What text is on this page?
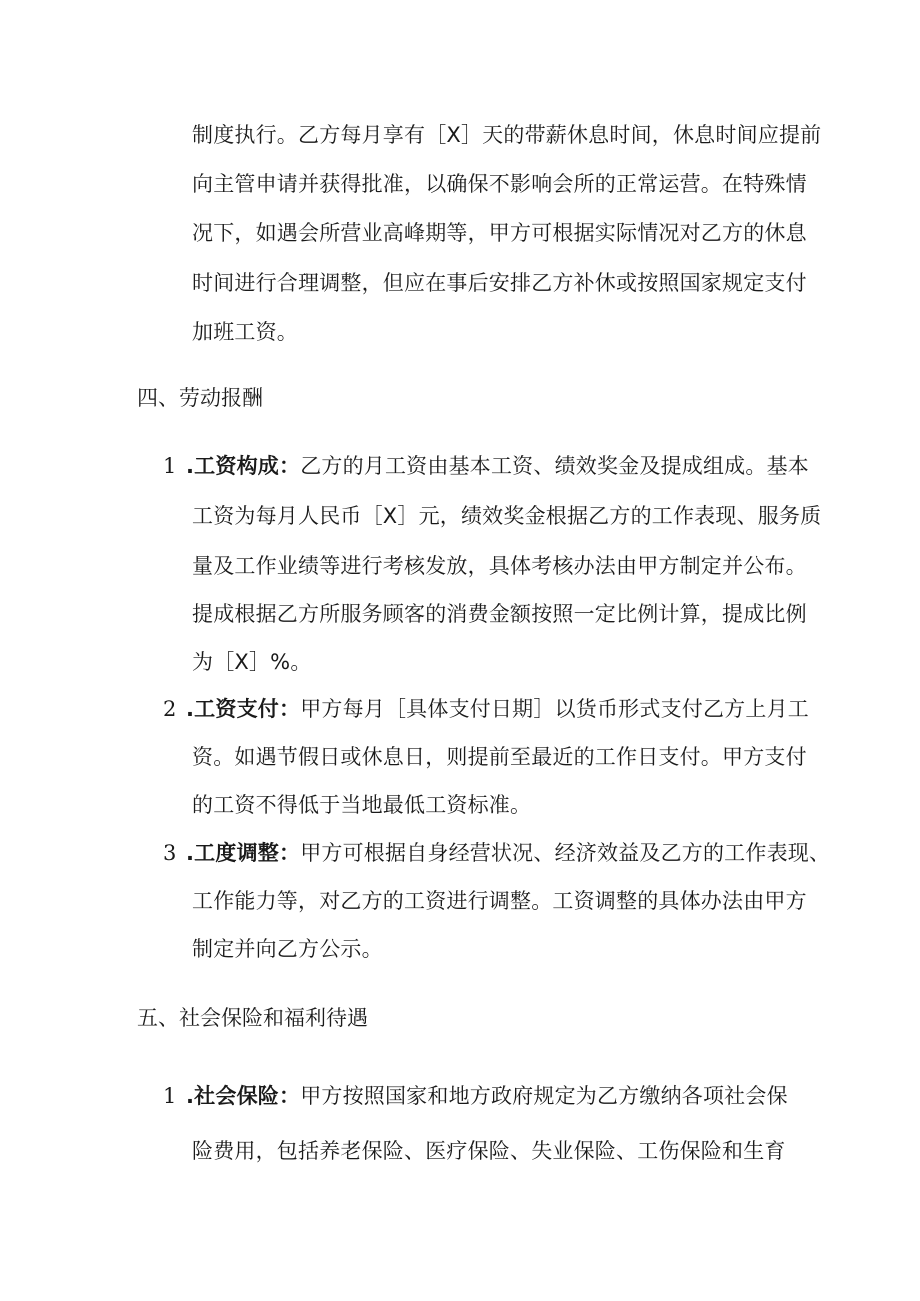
制度执行。乙方每月享有［X］天的带薪休息时间，休息时间应提前
向主管申请并获得批准，以确保不影响会所的正常运营。在特殊情
况下，如遇会所营业高峰期等，甲方可根据实际情况对乙方的休息
时间进行合理调整，但应在事后安排乙方补休或按照国家规定支付
加班工资。
四、劳动报酬
1 .工资构成：乙方的月工资由基本工资、绩效奖金及提成组成。基本
工资为每月人民币［X］元，绩效奖金根据乙方的工作表现、服务质
量及工作业绩等进行考核发放，具体考核办法由甲方制定并公布。
提成根据乙方所服务顾客的消费金额按照一定比例计算，提成比例
为［X］%。
2 .工资支付：甲方每月［具体支付日期］以货币形式支付乙方上月工
资。如遇节假日或休息日，则提前至最近的工作日支付。甲方支付
的工资不得低于当地最低工资标准。
3 .工度调整：甲方可根据自身经营状况、经济效益及乙方的工作表现、
工作能力等，对乙方的工资进行调整。工资调整的具体办法由甲方
制定并向乙方公示。
五、社会保险和福利待遇
1 .社会保险：甲方按照国家和地方政府规定为乙方缴纳各项社会保
险费用，包括养老保险、医疗保险、失业保险、工伤保险和生育
